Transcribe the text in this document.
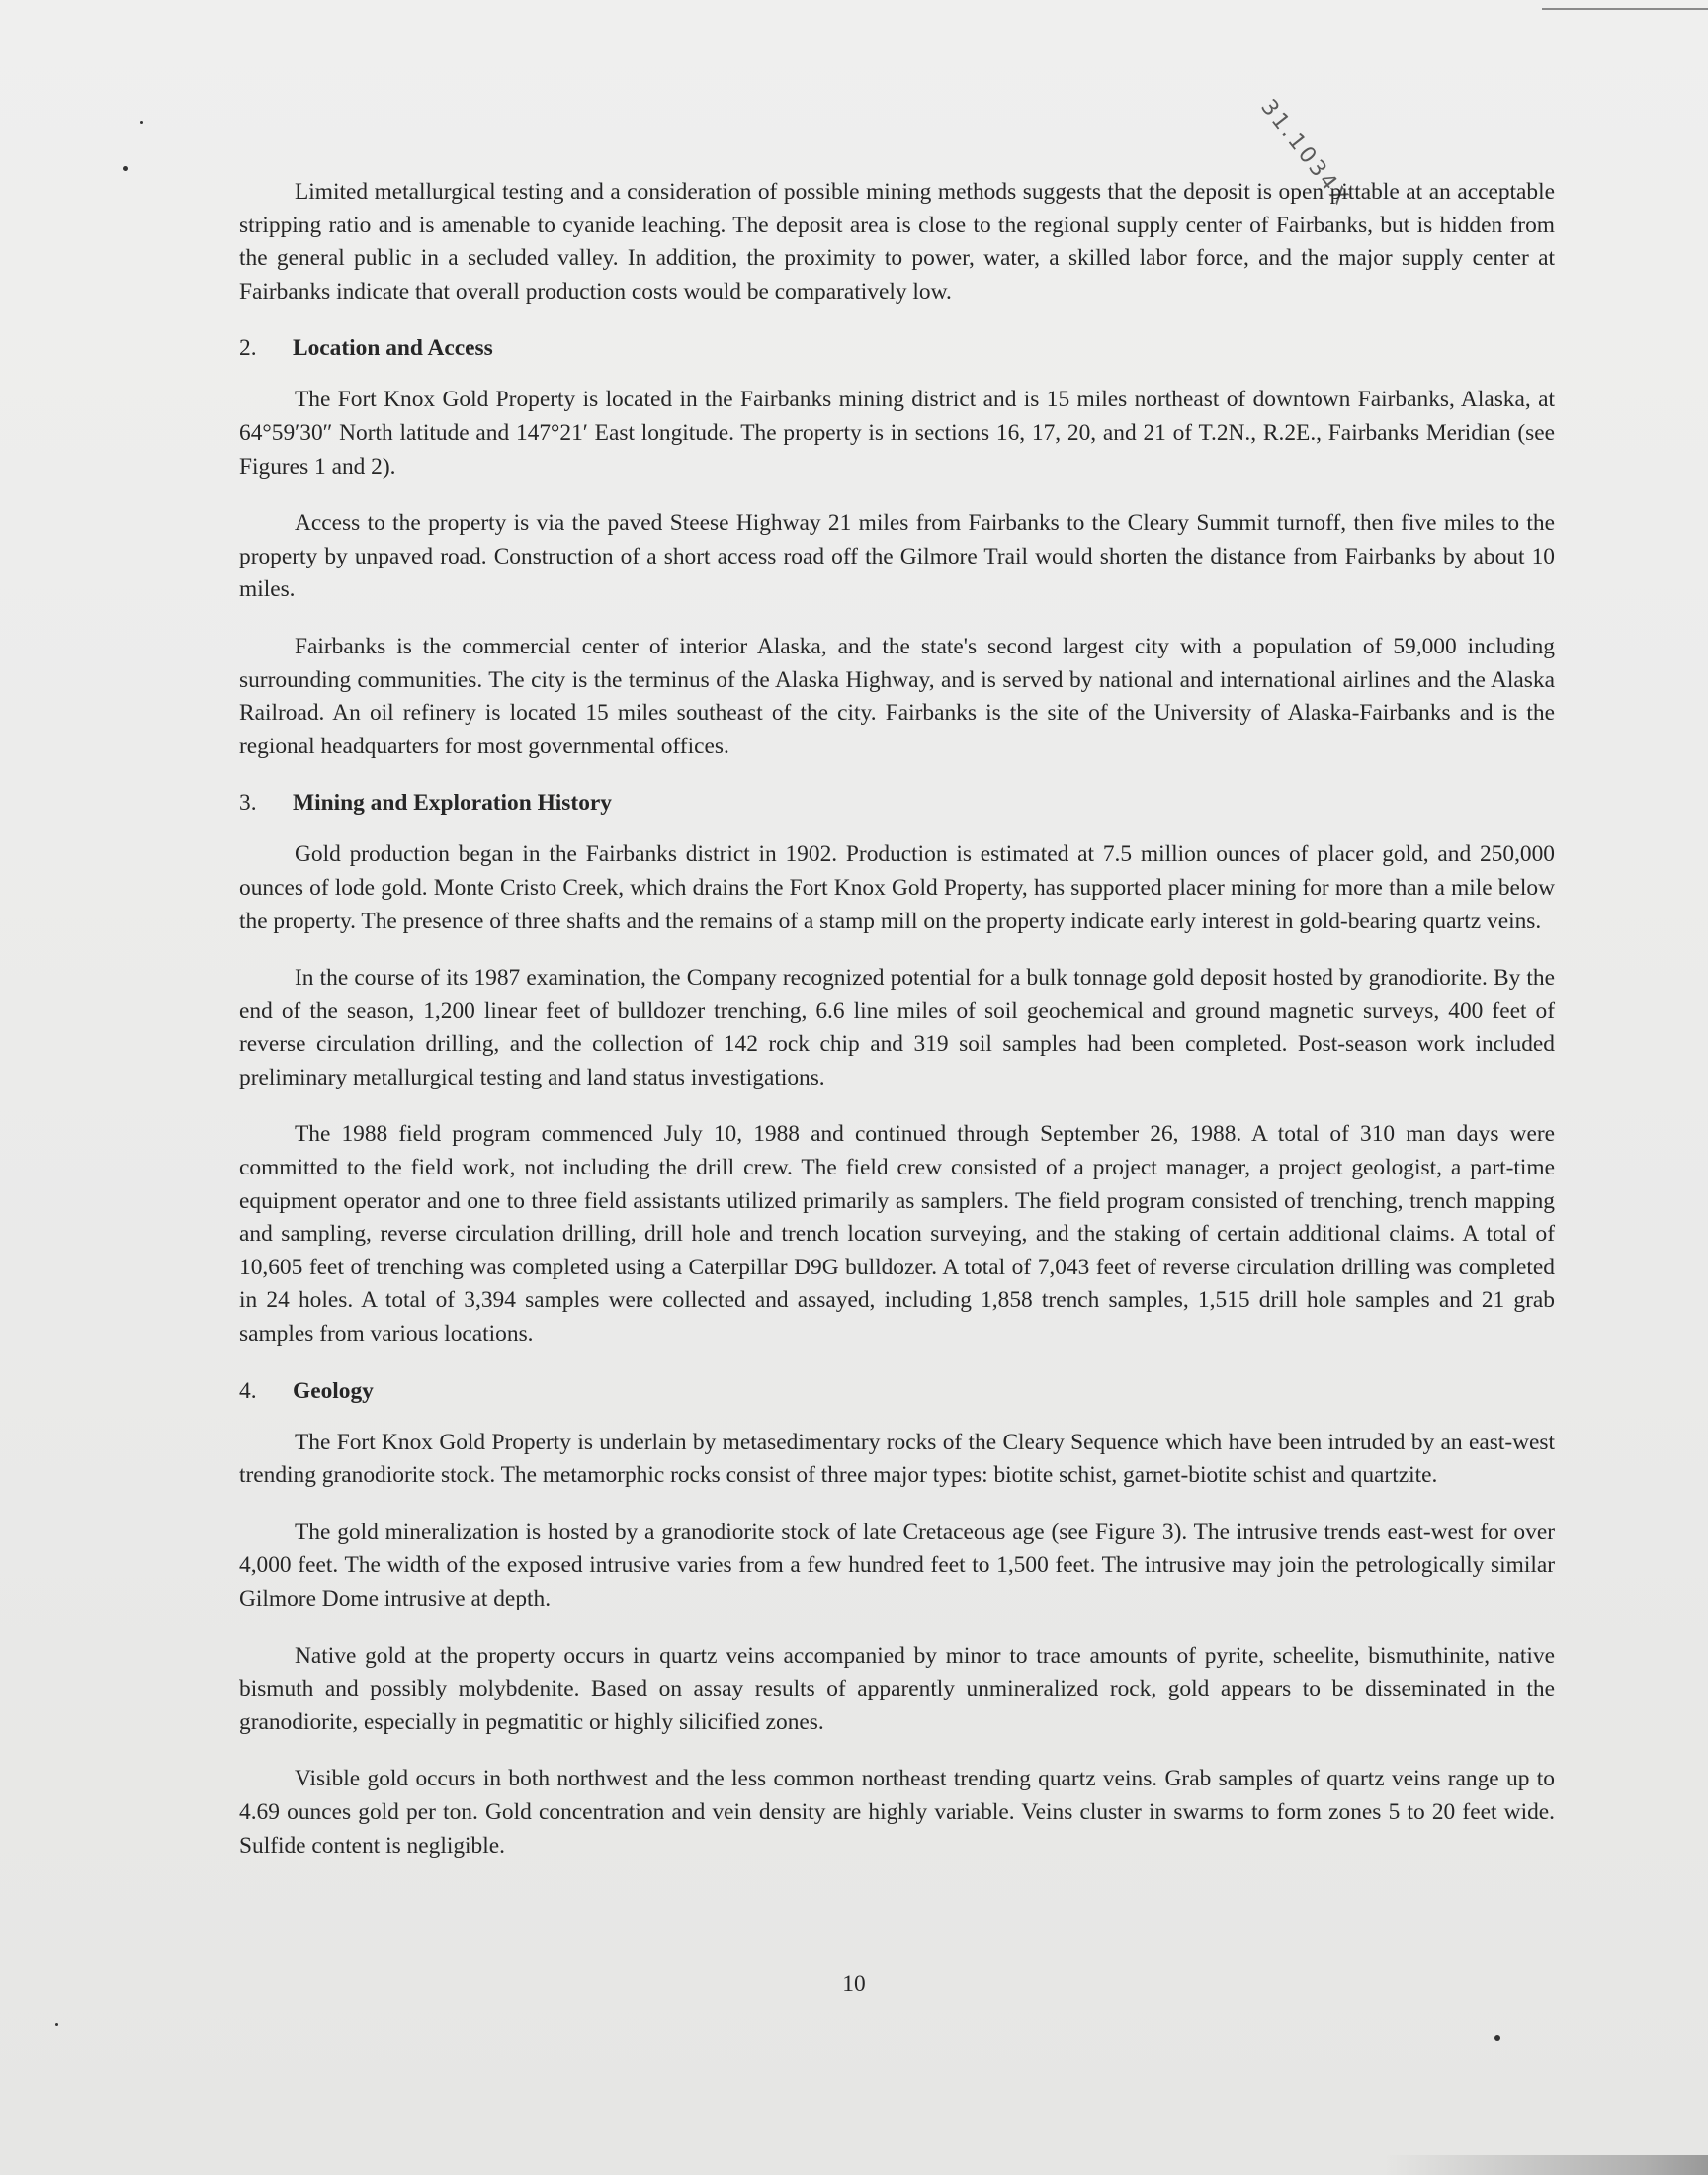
31.1034X

Limited metallurgical testing and a consideration of possible mining methods suggests that the deposit is open pittable at an acceptable stripping ratio and is amenable to cyanide leaching. The deposit area is close to the regional supply center of Fairbanks, but is hidden from the general public in a secluded valley. In addition, the proximity to power, water, a skilled labor force, and the major supply center at Fairbanks indicate that overall production costs would be comparatively low.

2. Location and Access

The Fort Knox Gold Property is located in the Fairbanks mining district and is 15 miles northeast of downtown Fairbanks, Alaska, at 64°59′30″ North latitude and 147°21′ East longitude. The property is in sections 16, 17, 20, and 21 of T.2N., R.2E., Fairbanks Meridian (see Figures 1 and 2).

Access to the property is via the paved Steese Highway 21 miles from Fairbanks to the Cleary Summit turnoff, then five miles to the property by unpaved road. Construction of a short access road off the Gilmore Trail would shorten the distance from Fairbanks by about 10 miles.

Fairbanks is the commercial center of interior Alaska, and the state's second largest city with a population of 59,000 including surrounding communities. The city is the terminus of the Alaska Highway, and is served by national and international airlines and the Alaska Railroad. An oil refinery is located 15 miles southeast of the city. Fairbanks is the site of the University of Alaska-Fairbanks and is the regional headquarters for most governmental offices.

3. Mining and Exploration History

Gold production began in the Fairbanks district in 1902. Production is estimated at 7.5 million ounces of placer gold, and 250,000 ounces of lode gold. Monte Cristo Creek, which drains the Fort Knox Gold Property, has supported placer mining for more than a mile below the property. The presence of three shafts and the remains of a stamp mill on the property indicate early interest in gold-bearing quartz veins.

In the course of its 1987 examination, the Company recognized potential for a bulk tonnage gold deposit hosted by granodiorite. By the end of the season, 1,200 linear feet of bulldozer trenching, 6.6 line miles of soil geochemical and ground magnetic surveys, 400 feet of reverse circulation drilling, and the collection of 142 rock chip and 319 soil samples had been completed. Post-season work included preliminary metallurgical testing and land status investigations.

The 1988 field program commenced July 10, 1988 and continued through September 26, 1988. A total of 310 man days were committed to the field work, not including the drill crew. The field crew consisted of a project manager, a project geologist, a part-time equipment operator and one to three field assistants utilized primarily as samplers. The field program consisted of trenching, trench mapping and sampling, reverse circulation drilling, drill hole and trench location surveying, and the staking of certain additional claims. A total of 10,605 feet of trenching was completed using a Caterpillar D9G bulldozer. A total of 7,043 feet of reverse circulation drilling was completed in 24 holes. A total of 3,394 samples were collected and assayed, including 1,858 trench samples, 1,515 drill hole samples and 21 grab samples from various locations.

4. Geology

The Fort Knox Gold Property is underlain by metasedimentary rocks of the Cleary Sequence which have been intruded by an east-west trending granodiorite stock. The metamorphic rocks consist of three major types: biotite schist, garnet-biotite schist and quartzite.

The gold mineralization is hosted by a granodiorite stock of late Cretaceous age (see Figure 3). The intrusive trends east-west for over 4,000 feet. The width of the exposed intrusive varies from a few hundred feet to 1,500 feet. The intrusive may join the petrologically similar Gilmore Dome intrusive at depth.

Native gold at the property occurs in quartz veins accompanied by minor to trace amounts of pyrite, scheelite, bismuthinite, native bismuth and possibly molybdenite. Based on assay results of apparently unmineralized rock, gold appears to be disseminated in the granodiorite, especially in pegmatitic or highly silicified zones.

Visible gold occurs in both northwest and the less common northeast trending quartz veins. Grab samples of quartz veins range up to 4.69 ounces gold per ton. Gold concentration and vein density are highly variable. Veins cluster in swarms to form zones 5 to 20 feet wide. Sulfide content is negligible.

10
